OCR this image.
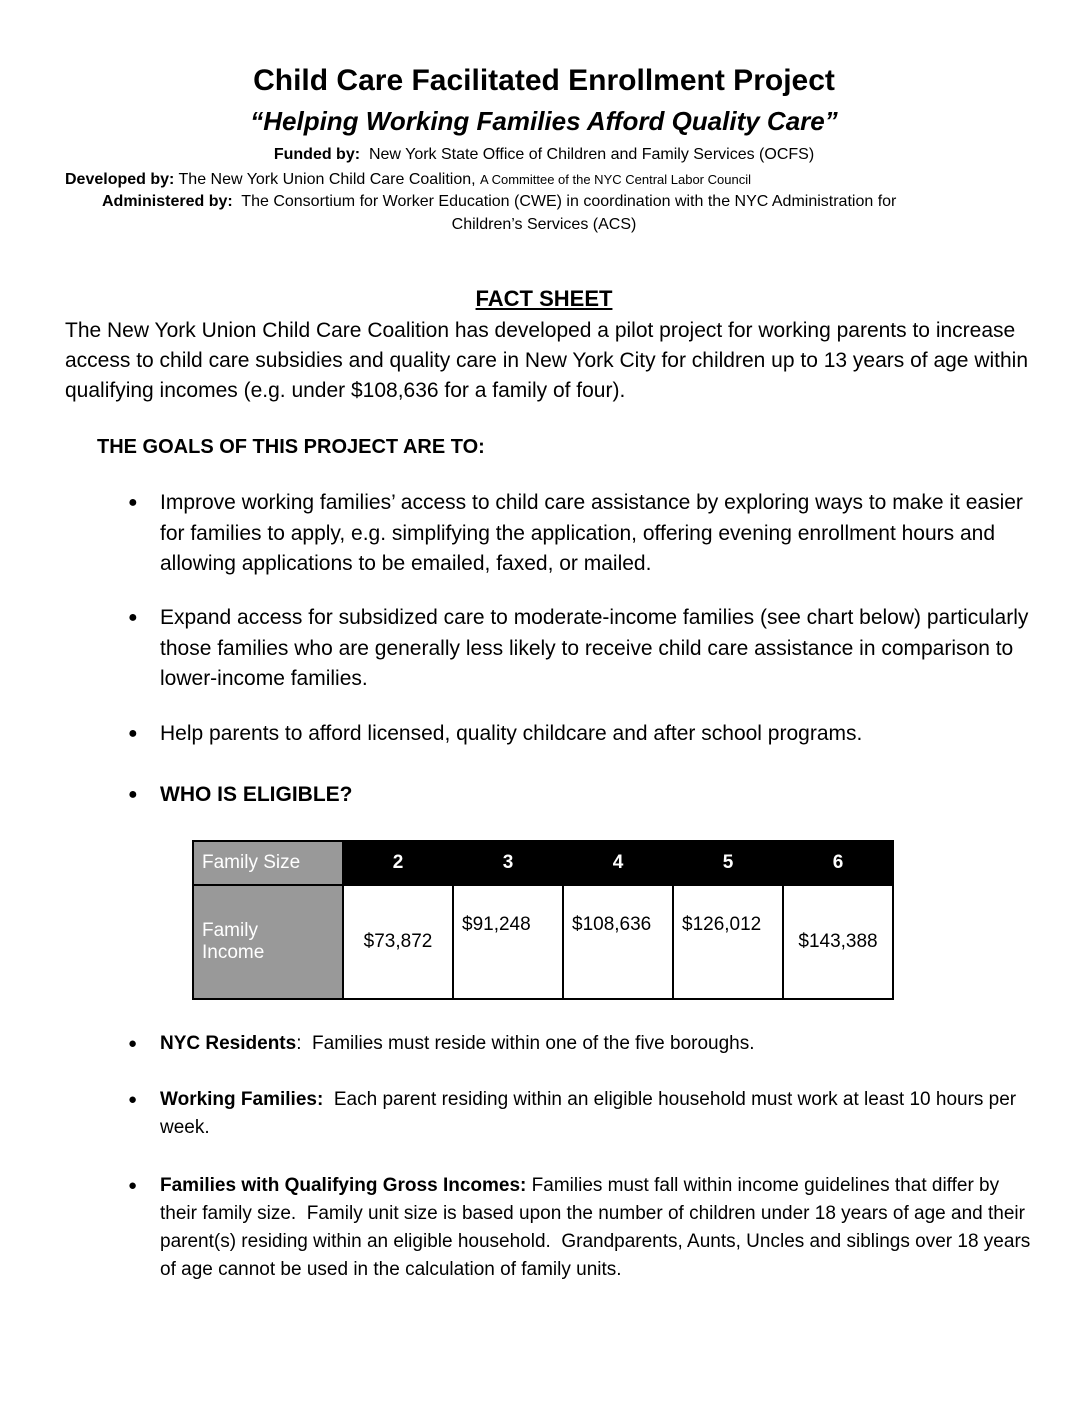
Child Care Facilitated Enrollment Project
“Helping Working Families Afford Quality Care”
Funded by: New York State Office of Children and Family Services (OCFS)
Developed by: The New York Union Child Care Coalition, A Committee of the NYC Central Labor Council
Administered by: The Consortium for Worker Education (CWE) in coordination with the NYC Administration for
Children’s Services (ACS)
FACT SHEET
The New York Union Child Care Coalition has developed a pilot project for working parents to increase access to child care subsidies and quality care in New York City for children up to 13 years of age within qualifying incomes (e.g. under $108,636 for a family of four).
THE GOALS OF THIS PROJECT ARE TO:
● Improve working families’ access to child care assistance by exploring ways to make it easier for families to apply, e.g. simplifying the application, offering evening enrollment hours and allowing applications to be emailed, faxed, or mailed.
● Expand access for subsidized care to moderate-income families (see chart below) particularly those families who are generally less likely to receive child care assistance in comparison to lower-income families.
● Help parents to afford licensed, quality childcare and after school programs.
● WHO IS ELIGIBLE?
Family Size	2	3	4	5	6
Family Income	$73,872	$91,248	$108,636	$126,012	$143,388
● NYC Residents:  Families must reside within one of the five boroughs.
● Working Families:  Each parent residing within an eligible household must work at least 10 hours per week.
● Families with Qualifying Gross Incomes: Families must fall within income guidelines that differ by their family size.  Family unit size is based upon the number of children under 18 years of age and their parent(s) residing within an eligible household.  Grandparents, Aunts, Uncles and siblings over 18 years of age cannot be used in the calculation of family units.
